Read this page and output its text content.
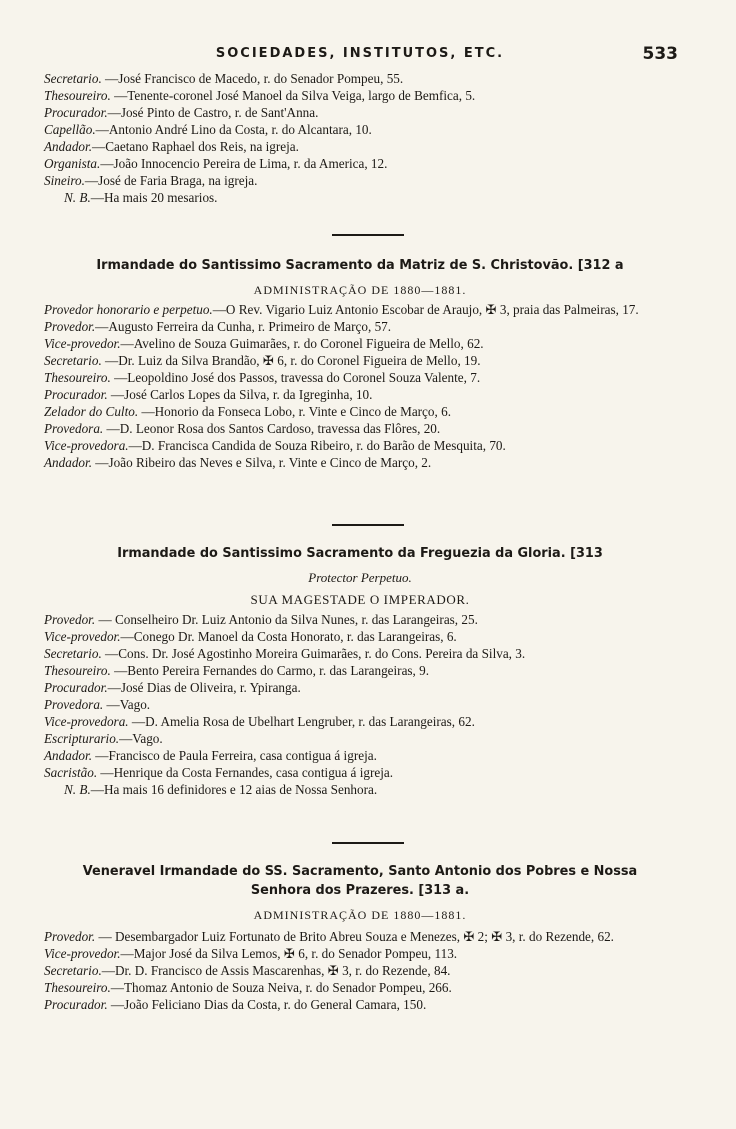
SOCIEDADES, INSTITUTOS, ETC.	533
Secretario. —José Francisco de Macedo, r. do Senador Pompeu, 55.
Thesoureiro. —Tenente-coronel José Manoel da Silva Veiga, largo de Bemfica, 5.
Procurador.—José Pinto de Castro, r. de Sant'Anna.
Capellão.—Antonio André Lino da Costa, r. do Alcantara, 10.
Andador.—Caetano Raphael dos Reis, na igreja.
Organista.—João Innocencio Pereira de Lima, r. da America, 12.
Sineiro.—José de Faria Braga, na igreja.
N. B.—Ha mais 20 mesarios.
Irmandade do Santissimo Sacramento da Matriz de S. Christovão. [312 a
ADMINISTRAÇÃO DE 1880—1881.
Provedor honorario e perpetuo.—O Rev. Vigario Luiz Antonio Escobar de Araujo, ✠ 3, praia das Palmeiras, 17.
Provedor.—Augusto Ferreira da Cunha, r. Primeiro de Março, 57.
Vice-provedor.—Avelino de Souza Guimarães, r. do Coronel Figueira de Mello, 62.
Secretario. —Dr. Luiz da Silva Brandão, ✠ 6, r. do Coronel Figueira de Mello, 19.
Thesoureiro. —Leopoldino José dos Passos, travessa do Coronel Souza Valente, 7.
Procurador. —José Carlos Lopes da Silva, r. da Igreginha, 10.
Zelador do Culto. —Honorio da Fonseca Lobo, r. Vinte e Cinco de Março, 6.
Provedora. —D. Leonor Rosa dos Santos Cardoso, travessa das Flôres, 20.
Vice-provedora.—D. Francisca Candida de Souza Ribeiro, r. do Barão de Mesquita, 70.
Andador. —João Ribeiro das Neves e Silva, r. Vinte e Cinco de Março, 2.
Irmandade do Santissimo Sacramento da Freguezia da Gloria. [313
Protector Perpetuo.
SUA MAGESTADE O IMPERADOR.
Provedor. — Conselheiro Dr. Luiz Antonio da Silva Nunes, r. das Larangeiras, 25.
Vice-provedor.—Conego Dr. Manoel da Costa Honorato, r. das Larangeiras, 6.
Secretario. —Cons. Dr. José Agostinho Moreira Guimarães, r. do Cons. Pereira da Silva, 3.
Thesoureiro. —Bento Pereira Fernandes do Carmo, r. das Larangeiras, 9.
Procurador.—José Dias de Oliveira, r. Ypiranga.
Provedora. —Vago.
Vice-provedora. —D. Amelia Rosa de Ubelhart Lengruber, r. das Larangeiras, 62.
Escripturario.—Vago.
Andador. —Francisco de Paula Ferreira, casa contigua á igreja.
Sacristão. —Henrique da Costa Fernandes, casa contigua á igreja.
N. B.—Ha mais 16 definidores e 12 aias de Nossa Senhora.
Veneravel Irmandade do SS. Sacramento, Santo Antonio dos Pobres e Nossa
Senhora dos Prazeres. [313 a.
ADMINISTRAÇÃO DE 1880—1881.
Provedor. — Desembargador Luiz Fortunato de Brito Abreu Souza e Menezes, ✠ 2; ✠ 3, r. do Rezende, 62.
Vice-provedor.—Major José da Silva Lemos, ✠ 6, r. do Senador Pompeu, 113.
Secretario.—Dr. D. Francisco de Assis Mascarenhas, ✠ 3, r. do Rezende, 84.
Thesoureiro.—Thomaz Antonio de Souza Neiva, r. do Senador Pompeu, 266.
Procurador. —João Feliciano Dias da Costa, r. do General Camara, 150.
